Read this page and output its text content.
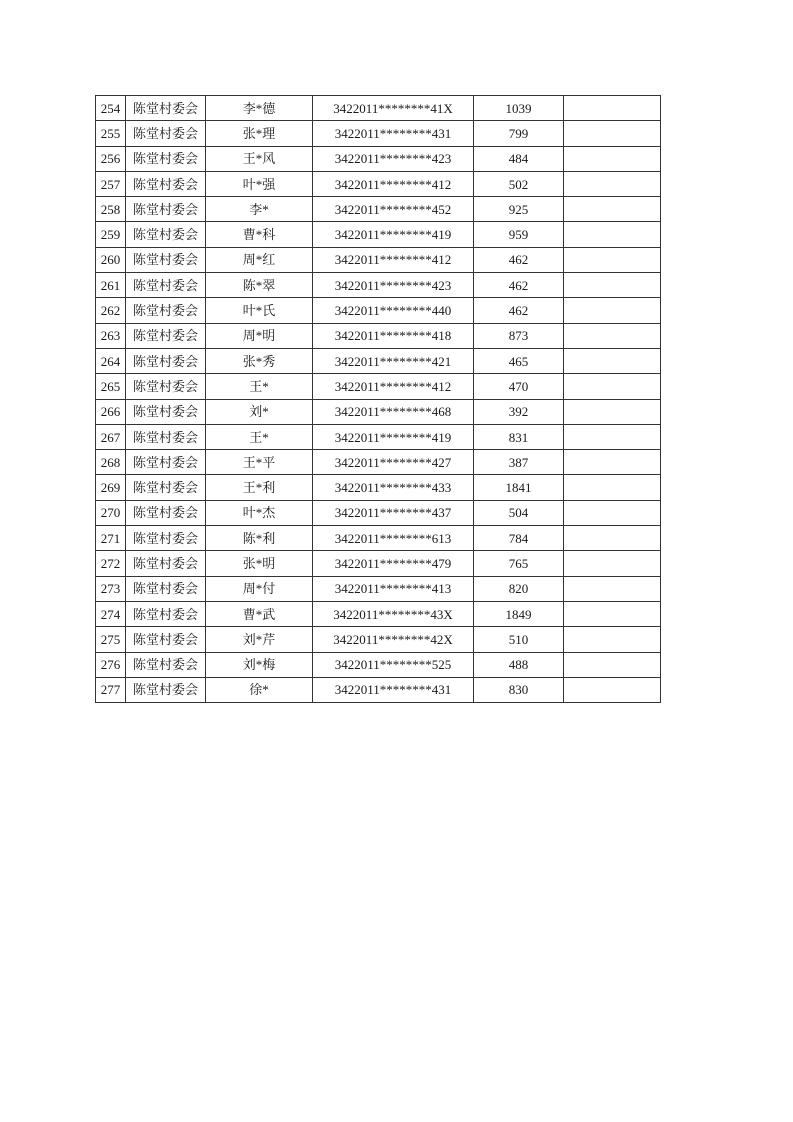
254	陈堂村委会	李*德	3422011********41X	1039	
255	陈堂村委会	张*理	3422011********431	799	
256	陈堂村委会	王*风	3422011********423	484	
257	陈堂村委会	叶*强	3422011********412	502	
258	陈堂村委会	李*	3422011********452	925	
259	陈堂村委会	曹*科	3422011********419	959	
260	陈堂村委会	周*红	3422011********412	462	
261	陈堂村委会	陈*翠	3422011********423	462	
262	陈堂村委会	叶*氏	3422011********440	462	
263	陈堂村委会	周*明	3422011********418	873	
264	陈堂村委会	张*秀	3422011********421	465	
265	陈堂村委会	王*	3422011********412	470	
266	陈堂村委会	刘*	3422011********468	392	
267	陈堂村委会	王*	3422011********419	831	
268	陈堂村委会	王*平	3422011********427	387	
269	陈堂村委会	王*利	3422011********433	1841	
270	陈堂村委会	叶*杰	3422011********437	504	
271	陈堂村委会	陈*利	3422011********613	784	
272	陈堂村委会	张*明	3422011********479	765	
273	陈堂村委会	周*付	3422011********413	820	
274	陈堂村委会	曹*武	3422011********43X	1849	
275	陈堂村委会	刘*芹	3422011********42X	510	
276	陈堂村委会	刘*梅	3422011********525	488	
277	陈堂村委会	徐*	3422011********431	830	
